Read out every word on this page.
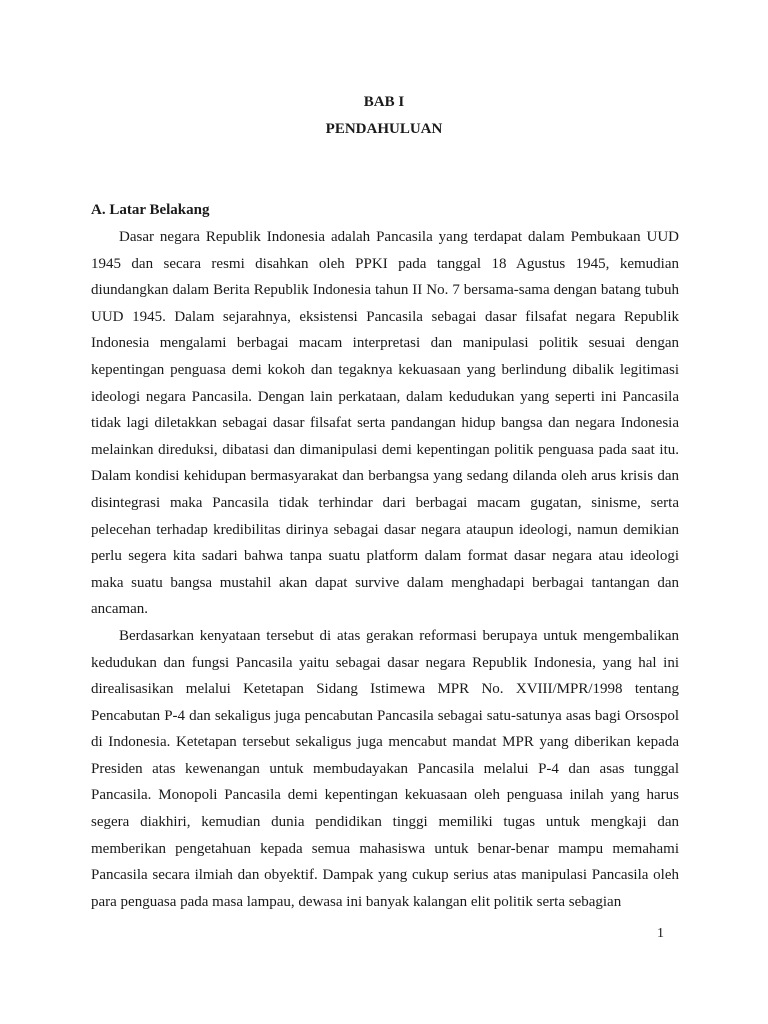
BAB I
PENDAHULUAN
A. Latar Belakang

Dasar negara Republik Indonesia adalah Pancasila yang terdapat dalam Pembukaan UUD 1945 dan secara resmi disahkan oleh PPKI pada tanggal 18 Agustus 1945, kemudian diundangkan dalam Berita Republik Indonesia tahun II No. 7 bersama-sama dengan batang tubuh UUD 1945. Dalam sejarahnya, eksistensi Pancasila sebagai dasar filsafat negara Republik Indonesia mengalami berbagai macam interpretasi dan manipulasi politik sesuai dengan kepentingan penguasa demi kokoh dan tegaknya kekuasaan yang berlindung dibalik legitimasi ideologi negara Pancasila. Dengan lain perkataan, dalam kedudukan yang seperti ini Pancasila tidak lagi diletakkan sebagai dasar filsafat serta pandangan hidup bangsa dan negara Indonesia melainkan direduksi, dibatasi dan dimanipulasi demi kepentingan politik penguasa pada saat itu. Dalam kondisi kehidupan bermasyarakat dan berbangsa yang sedang dilanda oleh arus krisis dan disintegrasi maka Pancasila tidak terhindar dari berbagai macam gugatan, sinisme, serta pelecehan terhadap kredibilitas dirinya sebagai dasar negara ataupun ideologi, namun demikian perlu segera kita sadari bahwa tanpa suatu platform dalam format dasar negara atau ideologi maka suatu bangsa mustahil akan dapat survive dalam menghadapi berbagai tantangan dan ancaman.

Berdasarkan kenyataan tersebut di atas gerakan reformasi berupaya untuk mengembalikan kedudukan dan fungsi Pancasila yaitu sebagai dasar negara Republik Indonesia, yang hal ini direalisasikan melalui Ketetapan Sidang Istimewa MPR No. XVIII/MPR/1998 tentang Pencabutan P-4 dan sekaligus juga pencabutan Pancasila sebagai satu-satunya asas bagi Orsospol di Indonesia. Ketetapan tersebut sekaligus juga mencabut mandat MPR yang diberikan kepada Presiden atas kewenangan untuk membudayakan Pancasila melalui P-4 dan asas tunggal Pancasila. Monopoli Pancasila demi kepentingan kekuasaan oleh penguasa inilah yang harus segera diakhiri, kemudian dunia pendidikan tinggi memiliki tugas untuk mengkaji dan memberikan pengetahuan kepada semua mahasiswa untuk benar-benar mampu memahami Pancasila secara ilmiah dan obyektif. Dampak yang cukup serius atas manipulasi Pancasila oleh para penguasa pada masa lampau, dewasa ini banyak kalangan elit politik serta sebagian

1
